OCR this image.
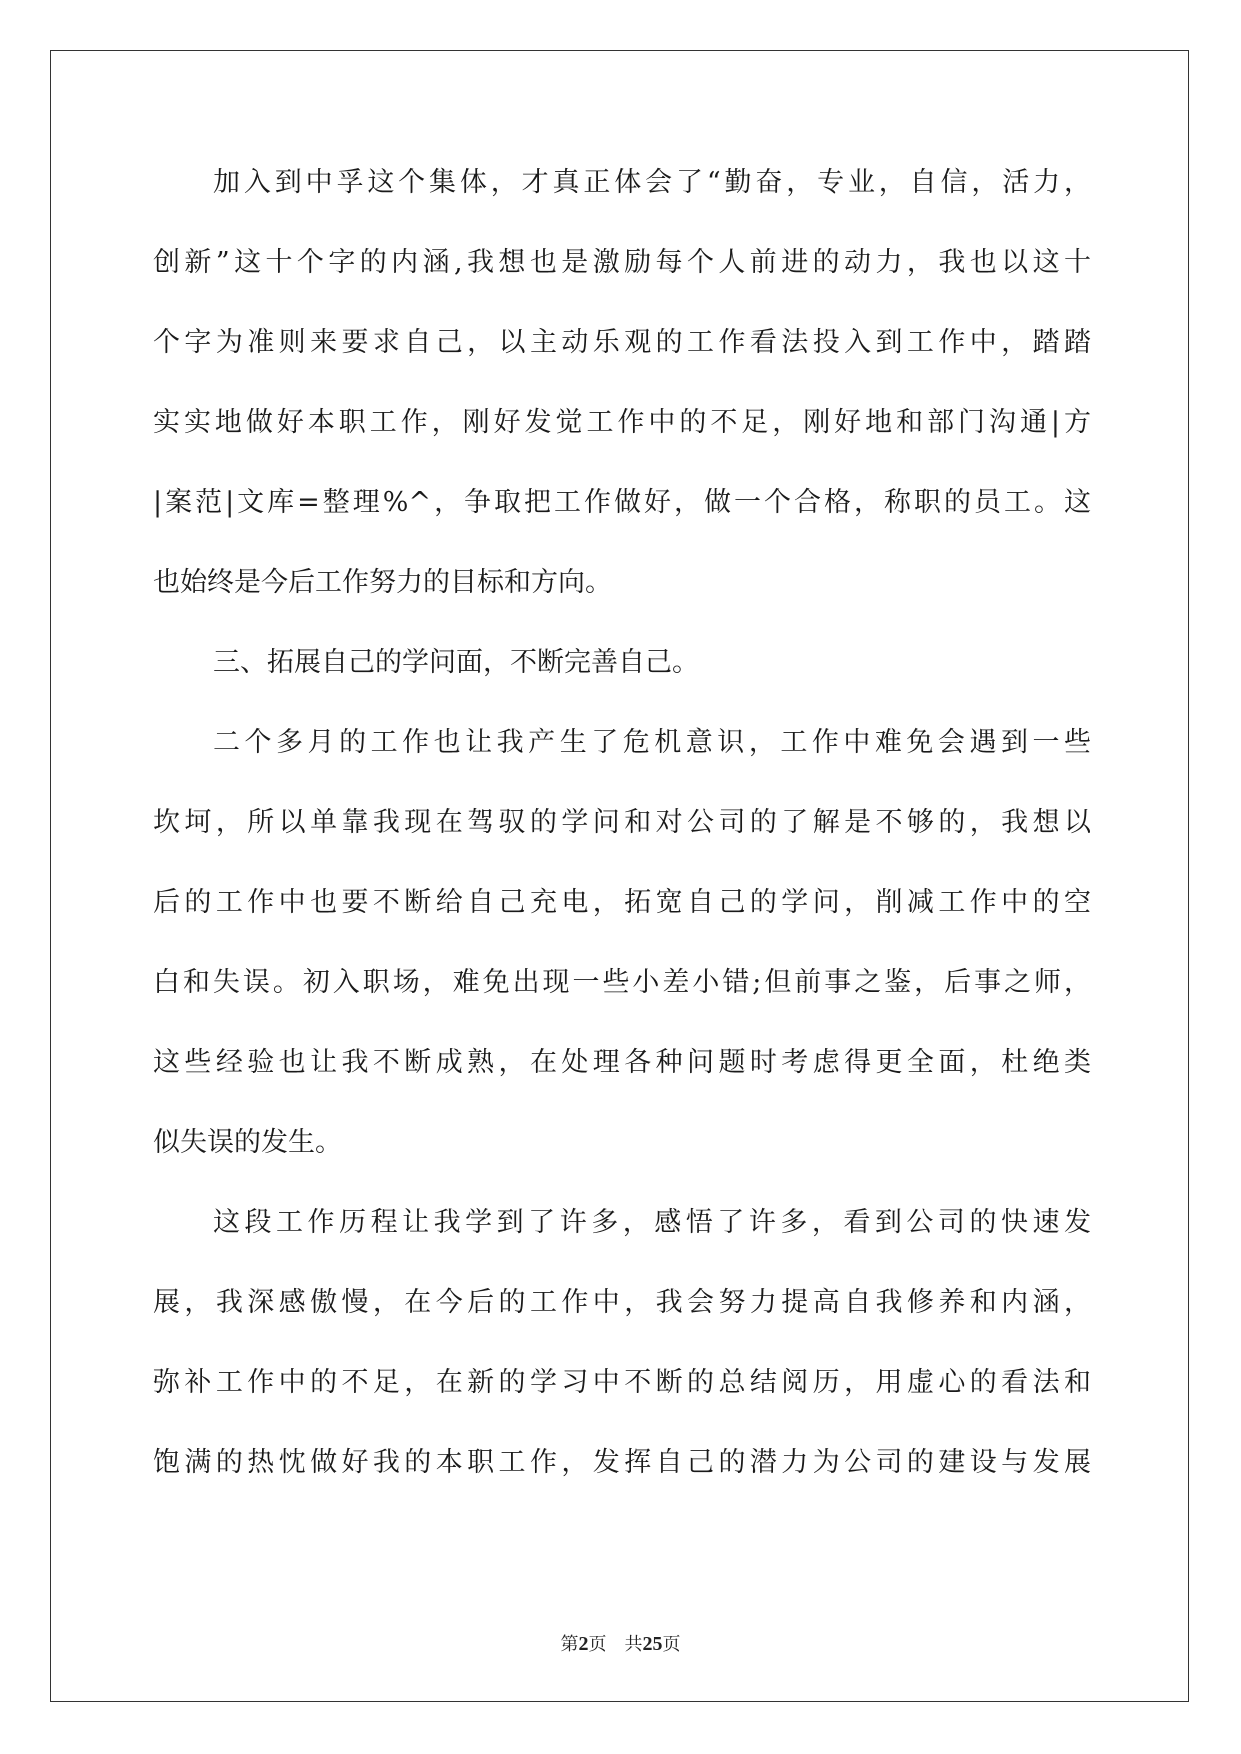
加入到中孚这个集体，才真正体会了“勤奋，专业，自信，活力，
创新”这十个字的内涵,我想也是激励每个人前进的动力，我也以这十
个字为准则来要求自己，以主动乐观的工作看法投入到工作中，踏踏
实实地做好本职工作，刚好发觉工作中的不足，刚好地和部门沟通|方
|案范|文库=整理%^，争取把工作做好，做一个合格，称职的员工。这
也始终是今后工作努力的目标和方向。
三、拓展自己的学问面，不断完善自己。
二个多月的工作也让我产生了危机意识，工作中难免会遇到一些
坎坷，所以单靠我现在驾驭的学问和对公司的了解是不够的，我想以
后的工作中也要不断给自己充电，拓宽自己的学问，削减工作中的空
白和失误。初入职场，难免出现一些小差小错;但前事之鉴，后事之师，
这些经验也让我不断成熟，在处理各种问题时考虑得更全面，杜绝类
似失误的发生。
这段工作历程让我学到了许多，感悟了许多，看到公司的快速发
展，我深感傲慢，在今后的工作中，我会努力提高自我修养和内涵，
弥补工作中的不足，在新的学习中不断的总结阅历，用虚心的看法和
饱满的热忱做好我的本职工作，发挥自己的潜力为公司的建设与发展
第2页 共25页
